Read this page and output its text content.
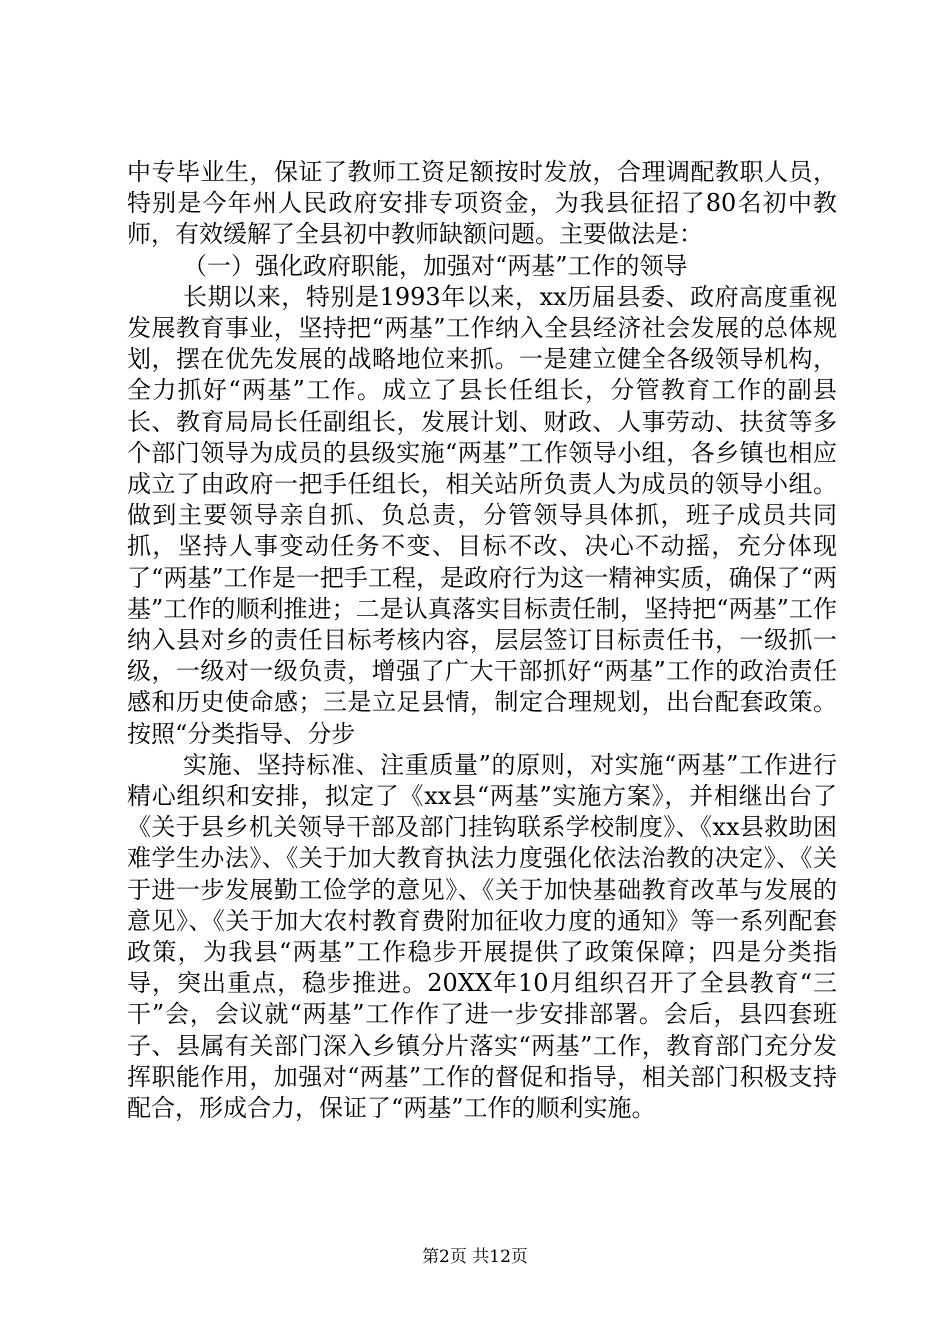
中专毕业生，保证了教师工资足额按时发放，合理调配教职人员，特别是今年州人民政府安排专项资金，为我县征招了80名初中教师，有效缓解了全县初中教师缺额问题。主要做法是：

（一）强化政府职能，加强对“两基”工作的领导

长期以来，特别是1993年以来，xx历届县委、政府高度重视发展教育事业，坚持把“两基”工作纳入全县经济社会发展的总体规划，摆在优先发展的战略地位来抓。一是建立健全各级领导机构，全力抓好“两基”工作。成立了县长任组长，分管教育工作的副县长、教育局局长任副组长，发展计划、财政、人事劳动、扶贫等多个部门领导为成员的县级实施“两基”工作领导小组，各乡镇也相应成立了由政府一把手任组长，相关站所负责人为成员的领导小组。做到主要领导亲自抓、负总责，分管领导具体抓，班子成员共同抓，坚持人事变动任务不变、目标不改、决心不动摇，充分体现了“两基”工作是一把手工程，是政府行为这一精神实质，确保了“两基”工作的顺利推进；二是认真落实目标责任制，坚持把“两基”工作纳入县对乡的责任目标考核内容，层层签订目标责任书，一级抓一级，一级对一级负责，增强了广大干部抓好“两基”工作的政治责任感和历史使命感；三是立足县情，制定合理规划，出台配套政策。按照“分类指导、分步

实施、坚持标准、注重质量”的原则，对实施“两基”工作进行精心组织和安排，拟定了《xx县“两基”实施方案》，并相继出台了《关于县乡机关领导干部及部门挂钩联系学校制度》、《xx县救助困难学生办法》、《关于加大教育执法力度强化依法治教的决定》、《关于进一步发展勤工俭学的意见》、《关于加快基础教育改革与发展的意见》、《关于加大农村教育费附加征收力度的通知》等一系列配套政策，为我县“两基”工作稳步开展提供了政策保障；四是分类指导，突出重点，稳步推进。20XX年10月组织召开了全县教育“三干”会，会议就“两基”工作作了进一步安排部署。会后，县四套班子、县属有关部门深入乡镇分片落实“两基”工作，教育部门充分发挥职能作用，加强对“两基”工作的督促和指导，相关部门积极支持配合，形成合力，保证了“两基”工作的顺利实施。

第2页 共12页
